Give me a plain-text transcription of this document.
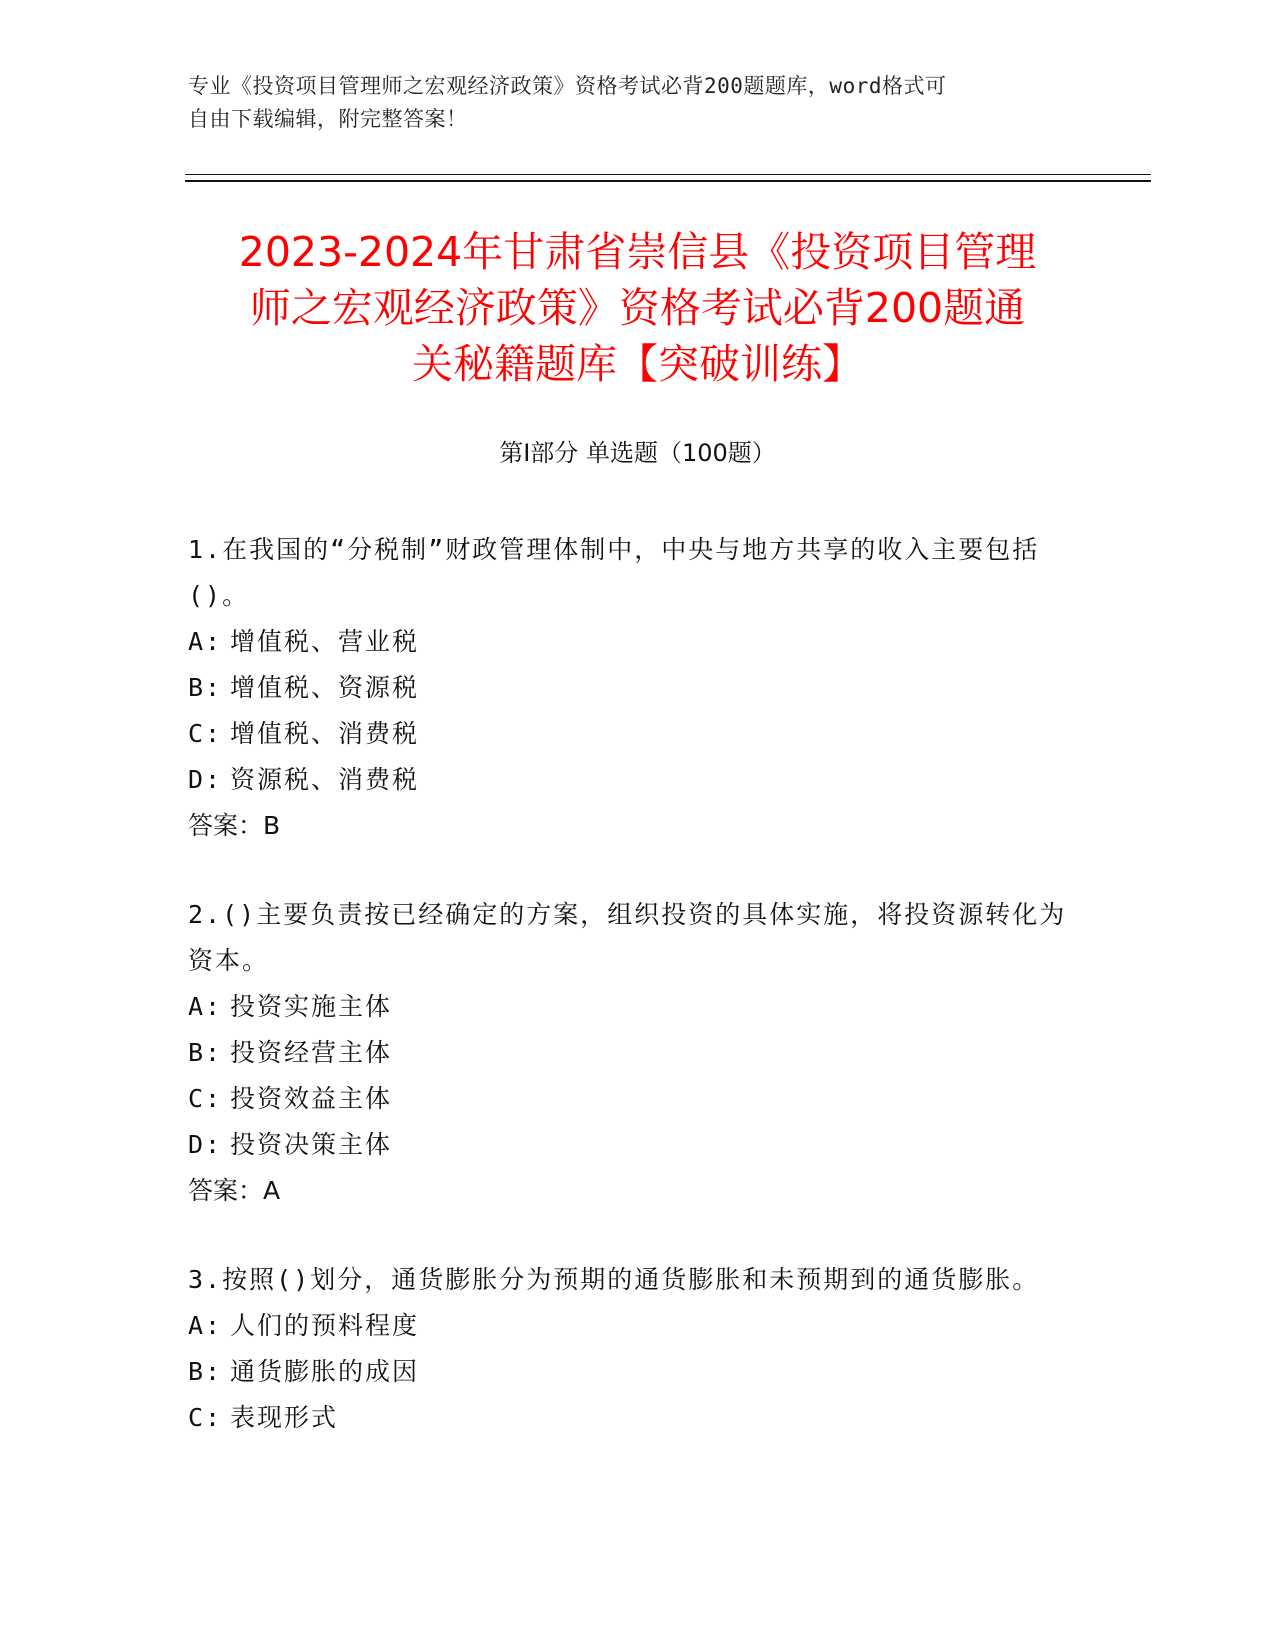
专业《投资项目管理师之宏观经济政策》资格考试必背200题题库，word格式可
自由下载编辑，附完整答案！
2023-2024年甘肃省崇信县《投资项目管理
师之宏观经济政策》资格考试必背200题通
关秘籍题库【突破训练】
第Ⅰ部分 单选题（100题）
1.在我国的“分税制”财政管理体制中，中央与地方共享的收入主要包括()。
A: 增值税、营业税
B: 增值税、资源税
C: 增值税、消费税
D: 资源税、消费税
答案：B
2.()主要负责按已经确定的方案，组织投资的具体实施，将投资源转化为资本。
A: 投资实施主体
B: 投资经营主体
C: 投资效益主体
D: 投资决策主体
答案：A
3.按照()划分，通货膨胀分为预期的通货膨胀和未预期到的通货膨胀。
A: 人们的预料程度
B: 通货膨胀的成因
C: 表现形式
